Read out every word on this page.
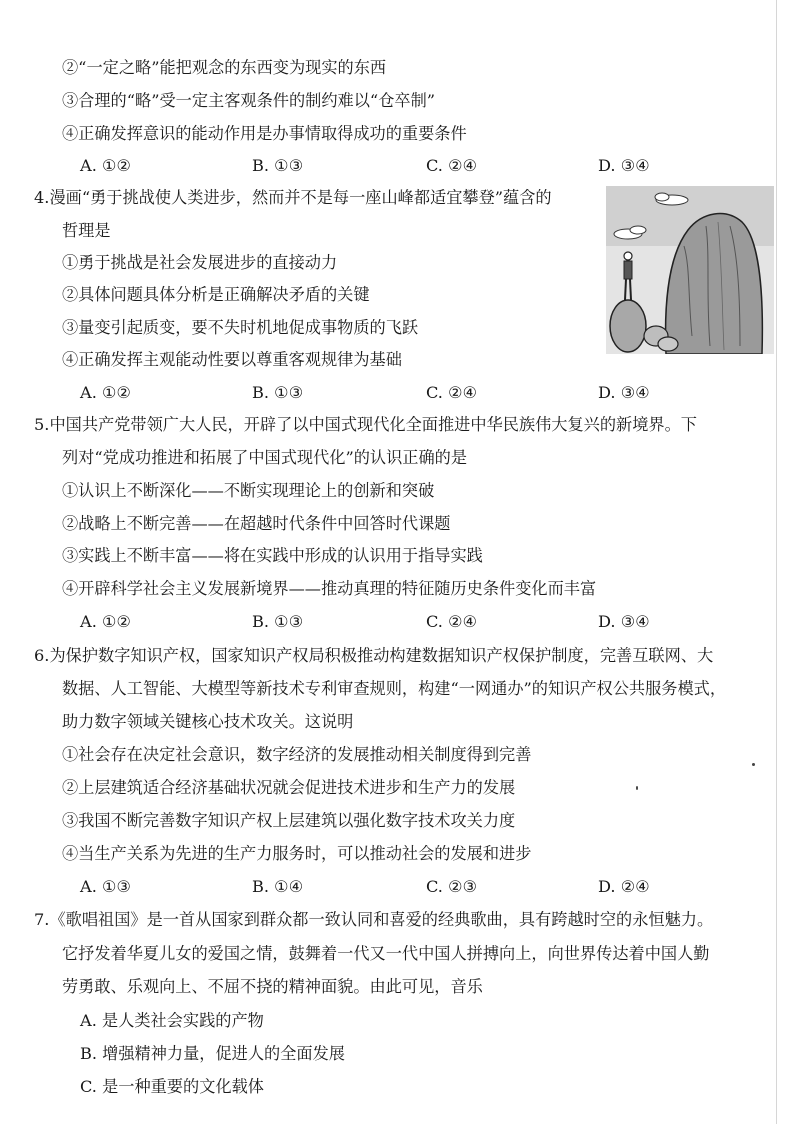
②“一定之略”能把观念的东西变为现实的东西
③合理的“略”受一定主客观条件的制约难以“仓卒制”
④正确发挥意识的能动作用是办事情取得成功的重要条件
A. ①②	B. ①③	C. ②④	D. ③④
4.漫画“勇于挑战使人类进步，然而并不是每一座山峰都适宜攀登”蕴含的
哲理是
①勇于挑战是社会发展进步的直接动力
②具体问题具体分析是正确解决矛盾的关键
③量变引起质变，要不失时机地促成事物质的飞跃
④正确发挥主观能动性要以尊重客观规律为基础
A. ①②	B. ①③	C. ②④	D. ③④
5.中国共产党带领广大人民，开辟了以中国式现代化全面推进中华民族伟大复兴的新境界。下
列对“党成功推进和拓展了中国式现代化”的认识正确的是
①认识上不断深化——不断实现理论上的创新和突破
②战略上不断完善——在超越时代条件中回答时代课题
③实践上不断丰富——将在实践中形成的认识用于指导实践
④开辟科学社会主义发展新境界——推动真理的特征随历史条件变化而丰富
A. ①②	B. ①③	C. ②④	D. ③④
6.为保护数字知识产权，国家知识产权局积极推动构建数据知识产权保护制度，完善互联网、大
数据、人工智能、大模型等新技术专利审查规则，构建“一网通办”的知识产权公共服务模式，
助力数字领域关键核心技术攻关。这说明
①社会存在决定社会意识，数字经济的发展推动相关制度得到完善
②上层建筑适合经济基础状况就会促进技术进步和生产力的发展
③我国不断完善数字知识产权上层建筑以强化数字技术攻关力度
④当生产关系为先进的生产力服务时，可以推动社会的发展和进步
A. ①③	B. ①④	C. ②③	D. ②④
7.《歌唱祖国》是一首从国家到群众都一致认同和喜爱的经典歌曲，具有跨越时空的永恒魅力。
它抒发着华夏儿女的爱国之情，鼓舞着一代又一代中国人拼搏向上，向世界传达着中国人勤
劳勇敢、乐观向上、不屈不挠的精神面貌。由此可见，音乐
A. 是人类社会实践的产物
B. 增强精神力量，促进人的全面发展
C. 是一种重要的文化载体
